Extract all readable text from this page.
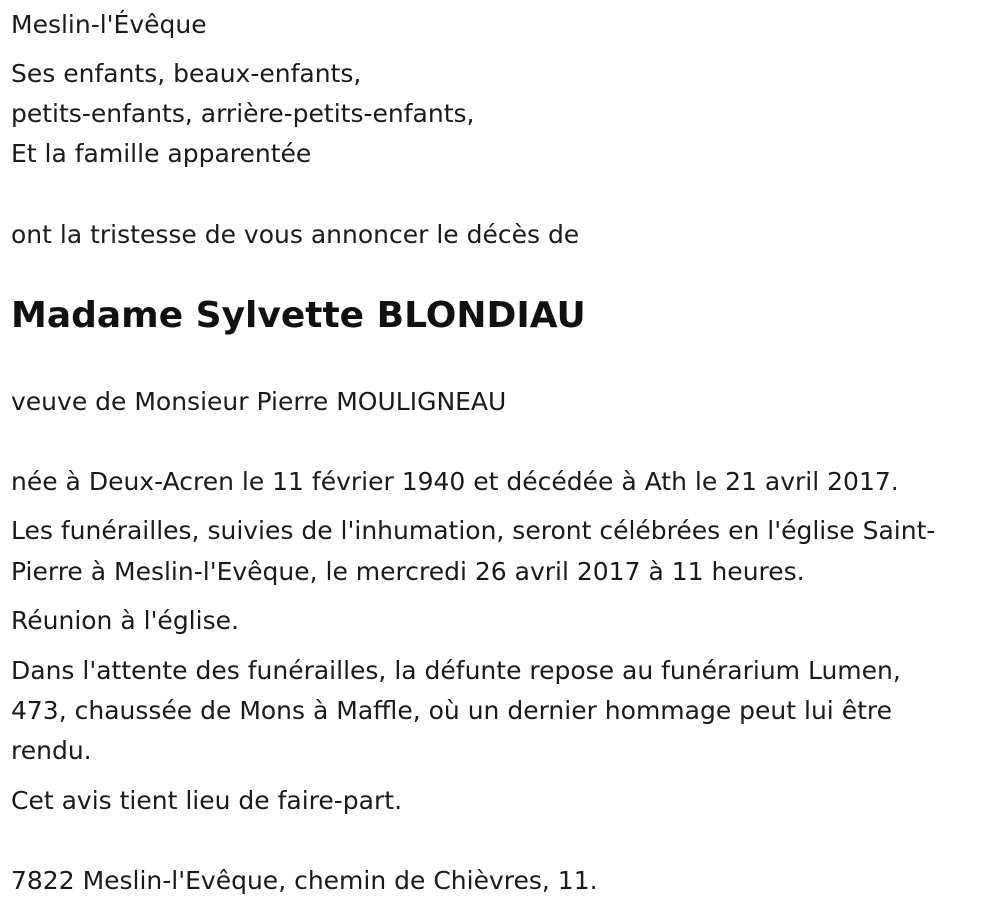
Meslin-l'Évêque
Ses enfants, beaux-enfants,
petits-enfants, arrière-petits-enfants,
Et la famille apparentée
ont la tristesse de vous annoncer le décès de
Madame Sylvette BLONDIAU
veuve de Monsieur Pierre MOULIGNEAU
née à Deux-Acren le 11 février 1940 et décédée à Ath le 21 avril 2017.
Les funérailles, suivies de l'inhumation, seront célébrées en l'église Saint-
Pierre à Meslin-l'Evêque, le mercredi 26 avril 2017 à 11 heures.
Réunion à l'église.
Dans l'attente des funérailles, la défunte repose au funérarium Lumen,
473, chaussée de Mons à Maffle, où un dernier hommage peut lui être
rendu.
Cet avis tient lieu de faire-part.
7822 Meslin-l'Evêque, chemin de Chièvres, 11.
